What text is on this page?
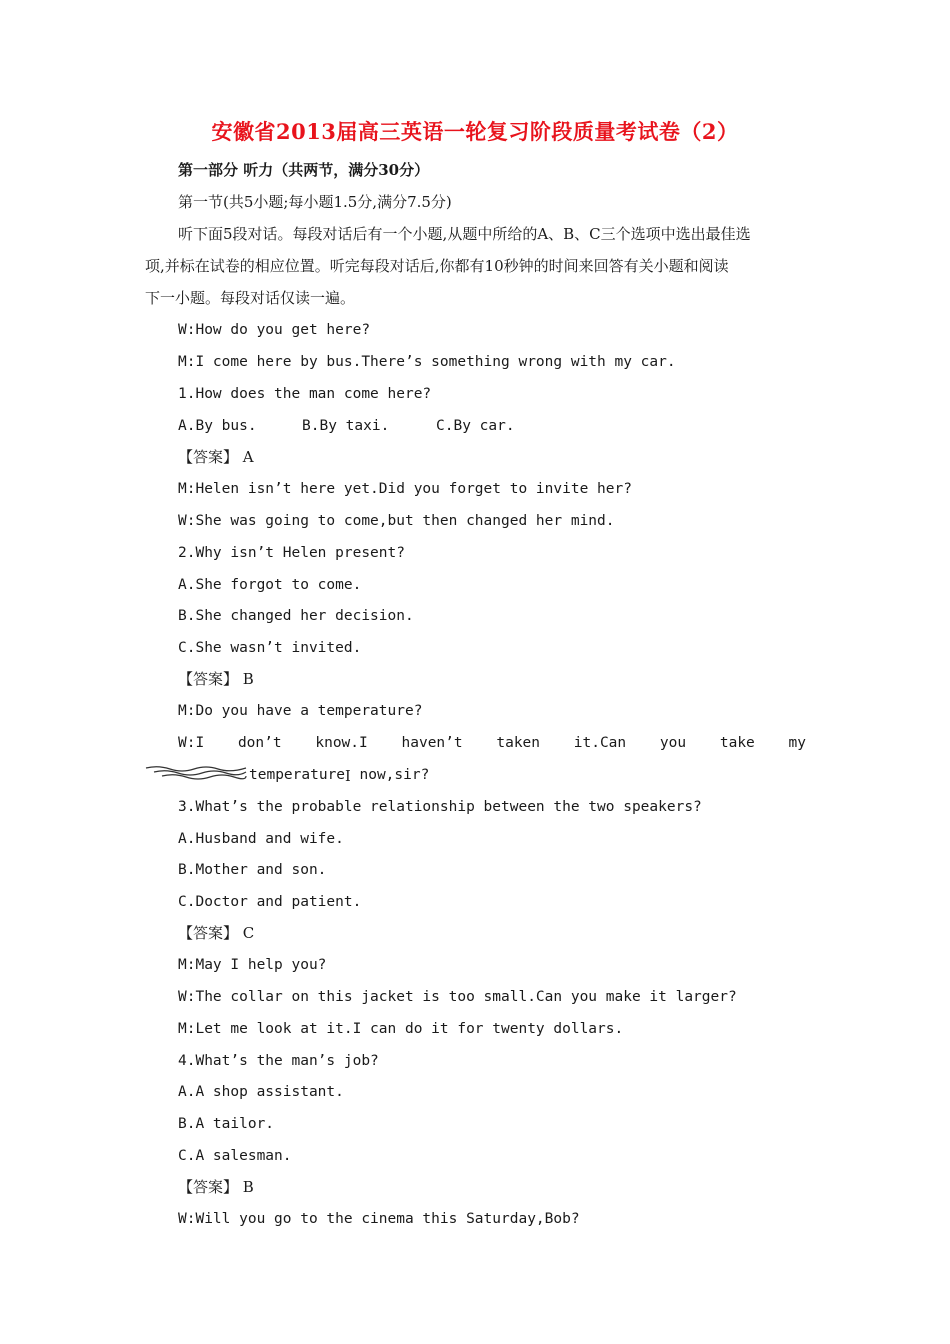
安徽省2013届高三英语一轮复习阶段质量考试卷（2）
第一部分 听力（共两节，满分30分）
第一节(共5小题;每小题1.5分,满分7.5分)
听下面5段对话。每段对话后有一个小题,从题中所给的A、B、C三个选项中选出最佳选
项,并标在试卷的相应位置。听完每段对话后,你都有10秒钟的时间来回答有关小题和阅读
下一小题。每段对话仅读一遍。
W:How do you get here?
M:I come here by bus.There’s something wrong with my car.
1.How does the man come here?
A.By bus.	B.By taxi.	C.By car.
【答案】 A
M:Helen isn’t here yet.Did you forget to invite her?
W:She was going to come,but then changed her mind.
2.Why isn’t Helen present?
A.She forgot to come.
B.She changed her decision.
C.She wasn’t invited.
【答案】 B
M:Do you have a temperature?
W:I don’t know.I haven’t taken it.Can you take my
temperatureI now,sir?
3.What’s the probable relationship between the two speakers?
A.Husband and wife.
B.Mother and son.
C.Doctor and patient.
【答案】 C
M:May I help you?
W:The collar on this jacket is too small.Can you make it larger?
M:Let me look at it.I can do it for twenty dollars.
4.What’s the man’s job?
A.A shop assistant.
B.A tailor.
C.A salesman.
【答案】 B
W:Will you go to the cinema this Saturday,Bob?
